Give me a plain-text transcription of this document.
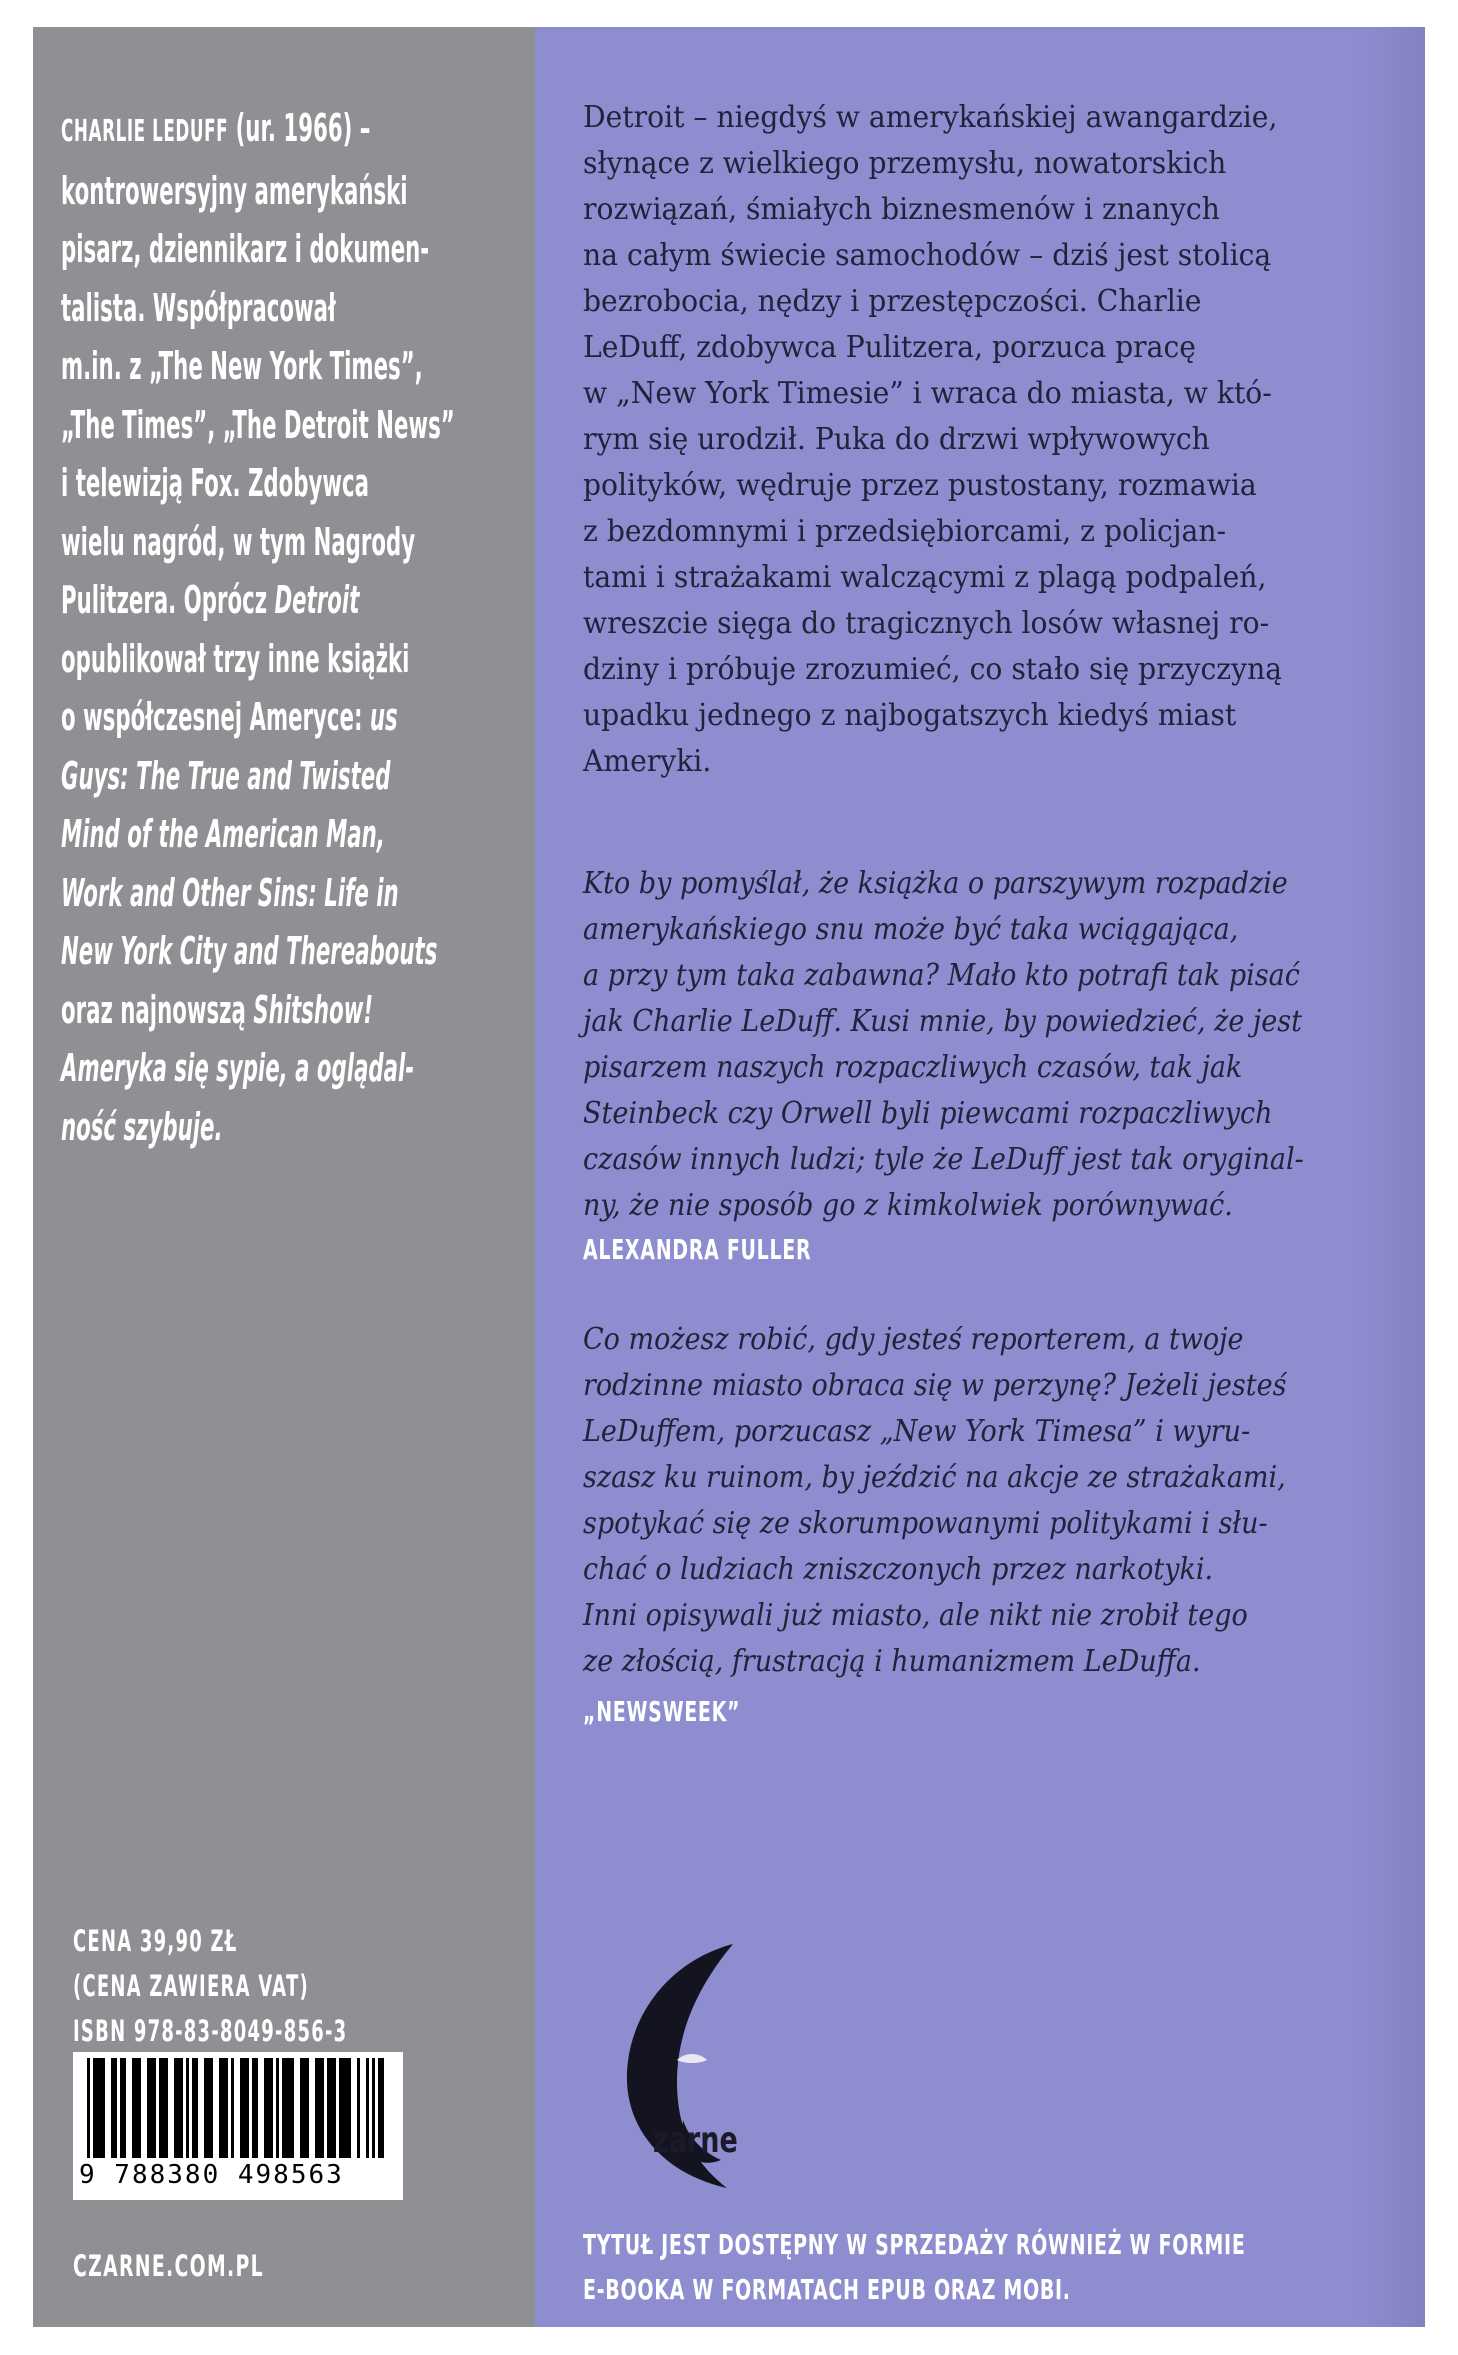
CHARLIE LEDUFF (ur. 1966) –
kontrowersyjny amerykański
pisarz, dziennikarz i dokumen-
talista. Współpracował
m.in. z „The New York Times”,
„The Times”, „The Detroit News”
i telewizją Fox. Zdobywca
wielu nagród, w tym Nagrody
Pulitzera. Oprócz Detroit
opublikował trzy inne książki
o współczesnej Ameryce: us
Guys: The True and Twisted
Mind of the American Man,
Work and Other Sins: Life in
New York City and Thereabouts
oraz najnowszą Shitshow!
Ameryka się sypie, a oglądal-
ność szybuje.
CENA 39,90 ZŁ
(CENA ZAWIERA VAT)
ISBN 978-83-8049-856-3
9 788380 498563
CZARNE.COM.PL
Detroit – niegdyś w amerykańskiej awangardzie,
słynące z wielkiego przemysłu, nowatorskich
rozwiązań, śmiałych biznesmenów i znanych
na całym świecie samochodów – dziś jest stolicą
bezrobocia, nędzy i przestępczości. Charlie
LeDuff, zdobywca Pulitzera, porzuca pracę
w „New York Timesie” i wraca do miasta, w któ-
rym się urodził. Puka do drzwi wpływowych
polityków, wędruje przez pustostany, rozmawia
z bezdomnymi i przedsiębiorcami, z policjan-
tami i strażakami walczącymi z plagą podpaleń,
wreszcie sięga do tragicznych losów własnej ro-
dziny i próbuje zrozumieć, co stało się przyczyną
upadku jednego z najbogatszych kiedyś miast
Ameryki.
Kto by pomyślał, że książka o parszywym rozpadzie
amerykańskiego snu może być taka wciągająca,
a przy tym taka zabawna? Mało kto potrafi tak pisać
jak Charlie LeDuff. Kusi mnie, by powiedzieć, że jest
pisarzem naszych rozpaczliwych czasów, tak jak
Steinbeck czy Orwell byli piewcami rozpaczliwych
czasów innych ludzi; tyle że LeDuff jest tak oryginal-
ny, że nie sposób go z kimkolwiek porównywać.
ALEXANDRA FULLER
Co możesz robić, gdy jesteś reporterem, a twoje
rodzinne miasto obraca się w perzynę? Jeżeli jesteś
LeDuffem, porzucasz „New York Timesa” i wyru-
szasz ku ruinom, by jeździć na akcje ze strażakami,
spotykać się ze skorumpowanymi politykami i słu-
chać o ludziach zniszczonych przez narkotyki.
Inni opisywali już miasto, ale nikt nie zrobił tego
ze złością, frustracją i humanizmem LeDuffa.
„NEWSWEEK”
zarne
TYTUŁ JEST DOSTĘPNY W SPRZEDAŻY RÓWNIEŻ W FORMIE
E-BOOKA W FORMATACH EPUB ORAZ MOBI.
